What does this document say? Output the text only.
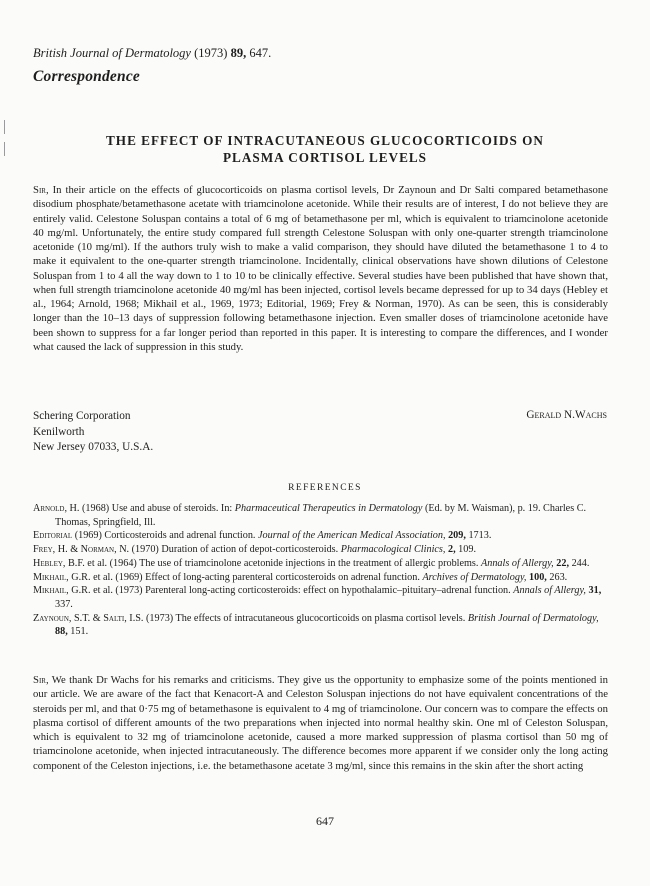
British Journal of Dermatology (1973) 89, 647.
Correspondence
THE EFFECT OF INTRACUTANEOUS GLUCOCORTICOIDS ON
PLASMA CORTISOL LEVELS

Sir, In their article on the effects of glucocorticoids on plasma cortisol levels, Dr Zaynoun and Dr Salti compared betamethasone disodium phosphate/betamethasone acetate with triamcinolone acetonide. While their results are of interest, I do not believe they are entirely valid. Celestone Soluspan contains a total of 6 mg of betamethasone per ml, which is equivalent to triamcinolone acetonide 40 mg/ml. Unfortunately, the entire study compared full strength Celestone Soluspan with only one-quarter strength triamcinolone acetonide (10 mg/ml). If the authors truly wish to make a valid comparison, they should have diluted the betamethasone 1 to 4 to make it equivalent to the one-quarter strength triamcinolone. Incidentally, clinical observations have shown dilutions of Celestone Soluspan from 1 to 4 all the way down to 1 to 10 to be clinically effective. Several studies have been published that have shown that, when full strength triamcinolone acetonide 40 mg/ml has been injected, cortisol levels became depressed for up to 34 days (Hebley et al., 1964; Arnold, 1968; Mikhail et al., 1969, 1973; Editorial, 1969; Frey & Norman, 1970). As can be seen, this is considerably longer than the 10–13 days of suppression following betamethasone injection. Even smaller doses of triamcinolone acetonide have been shown to suppress for a far longer period than reported in this paper. It is interesting to compare the differences, and I wonder what caused the lack of suppression in this study.

Schering Corporation
Kenilworth
New Jersey 07033, U.S.A.
Gerald N.Wachs
REFERENCES
Arnold, H. (1968) Use and abuse of steroids. In: Pharmaceutical Therapeutics in Dermatology (Ed. by M. Waisman), p. 19. Charles C. Thomas, Springfield, Ill.
Editorial (1969) Corticosteroids and adrenal function. Journal of the American Medical Association, 209, 1713.
Frey, H. & Norman, N. (1970) Duration of action of depot-corticosteroids. Pharmacological Clinics, 2, 109.
Hebley, B.F. et al. (1964) The use of triamcinolone acetonide injections in the treatment of allergic problems. Annals of Allergy, 22, 244.
Mikhail, G.R. et al. (1969) Effect of long-acting parenteral corticosteroids on adrenal function. Archives of Dermatology, 100, 263.
Mikhail, G.R. et al. (1973) Parenteral long-acting corticosteroids: effect on hypothalamic–pituitary–adrenal function. Annals of Allergy, 31, 337.
Zaynoun, S.T. & Salti, I.S. (1973) The effects of intracutaneous glucocorticoids on plasma cortisol levels. British Journal of Dermatology, 88, 151.

Sir, We thank Dr Wachs for his remarks and criticisms. They give us the opportunity to emphasize some of the points mentioned in our article. We are aware of the fact that Kenacort-A and Celeston Soluspan injections do not have equivalent concentrations of the steroids per ml, and that 0·75 mg of betamethasone is equivalent to 4 mg of triamcinolone. Our concern was to compare the effects on plasma cortisol of different amounts of the two preparations when injected into normal healthy skin. One ml of Celeston Soluspan, which is equivalent to 32 mg of triamcinolone acetonide, caused a more marked suppression of plasma cortisol than 50 mg of triamcinolone acetonide, when injected intracutaneously. The difference becomes more apparent if we consider only the long acting component of the Celeston injections, i.e. the betamethasone acetate 3 mg/ml, since this remains in the skin after the short acting

647
